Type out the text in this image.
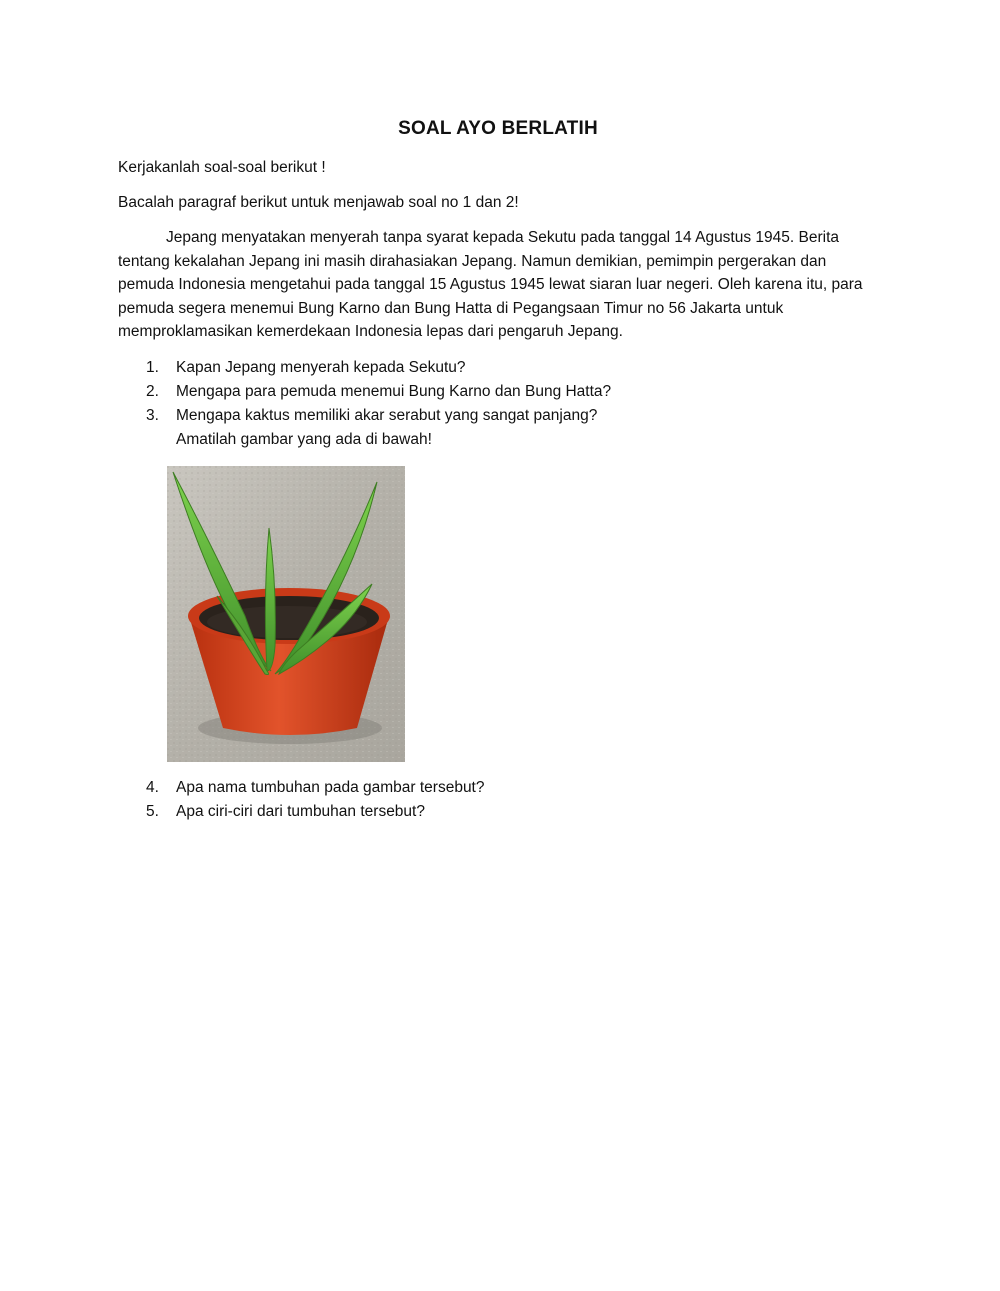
SOAL AYO BERLATIH

Kerjakanlah soal-soal berikut !

Bacalah paragraf berikut untuk menjawab soal no 1 dan 2!

Jepang menyatakan menyerah tanpa syarat kepada Sekutu pada tanggal 14 Agustus 1945. Berita tentang kekalahan Jepang ini masih dirahasiakan Jepang. Namun demikian, pemimpin pergerakan dan pemuda Indonesia mengetahui pada tanggal 15 Agustus 1945 lewat siaran luar negeri. Oleh karena itu, para pemuda segera menemui Bung Karno dan Bung Hatta di Pegangsaan Timur no 56 Jakarta untuk memproklamasikan kemerdekaan Indonesia lepas dari pengaruh Jepang.

1. Kapan Jepang menyerah kepada Sekutu?
2. Mengapa para pemuda menemui Bung Karno dan Bung Hatta?
3. Mengapa kaktus memiliki akar serabut yang sangat panjang?
Amatilah gambar yang ada di bawah!
4. Apa nama tumbuhan pada gambar tersebut?
5. Apa ciri-ciri dari tumbuhan tersebut?
